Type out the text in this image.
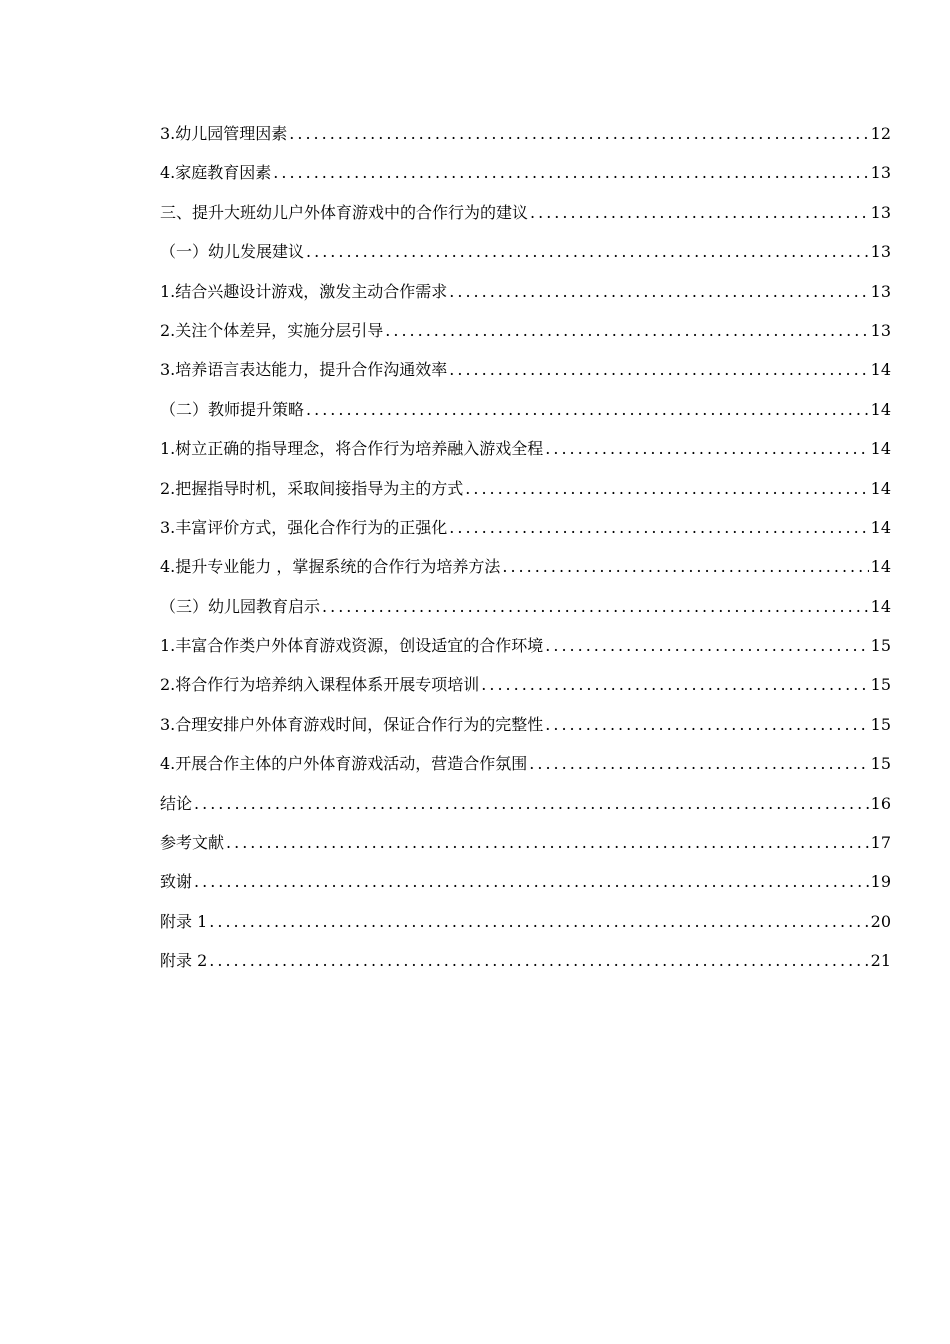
3.幼儿园管理因素 .....	12
4.家庭教育因素 .....	13
三、提升大班幼儿户外体育游戏中的合作行为的建议 .....	13
（一）幼儿发展建议 .....	13
1.结合兴趣设计游戏，激发主动合作需求 .....	13
2.关注个体差异，实施分层引导 .....	13
3.培养语言表达能力，提升合作沟通效率 .....	14
（二）教师提升策略 .....	14
1.树立正确的指导理念，将合作行为培养融入游戏全程 .....	14
2.把握指导时机，采取间接指导为主的方式 .....	14
3.丰富评价方式，强化合作行为的正强化 .....	14
4.提升专业能力 ，掌握系统的合作行为培养方法 .....	14
（三）幼儿园教育启示 .....	14
1.丰富合作类户外体育游戏资源，创设适宜的合作环境 .....	15
2.将合作行为培养纳入课程体系开展专项培训 .....	15
3.合理安排户外体育游戏时间，保证合作行为的完整性 .....	15
4.开展合作主体的户外体育游戏活动，营造合作氛围 .....	15
结论 .....	16
参考文献 .....	17
致谢 .....	19
附录 1 .....	20
附录 2 .....	21
